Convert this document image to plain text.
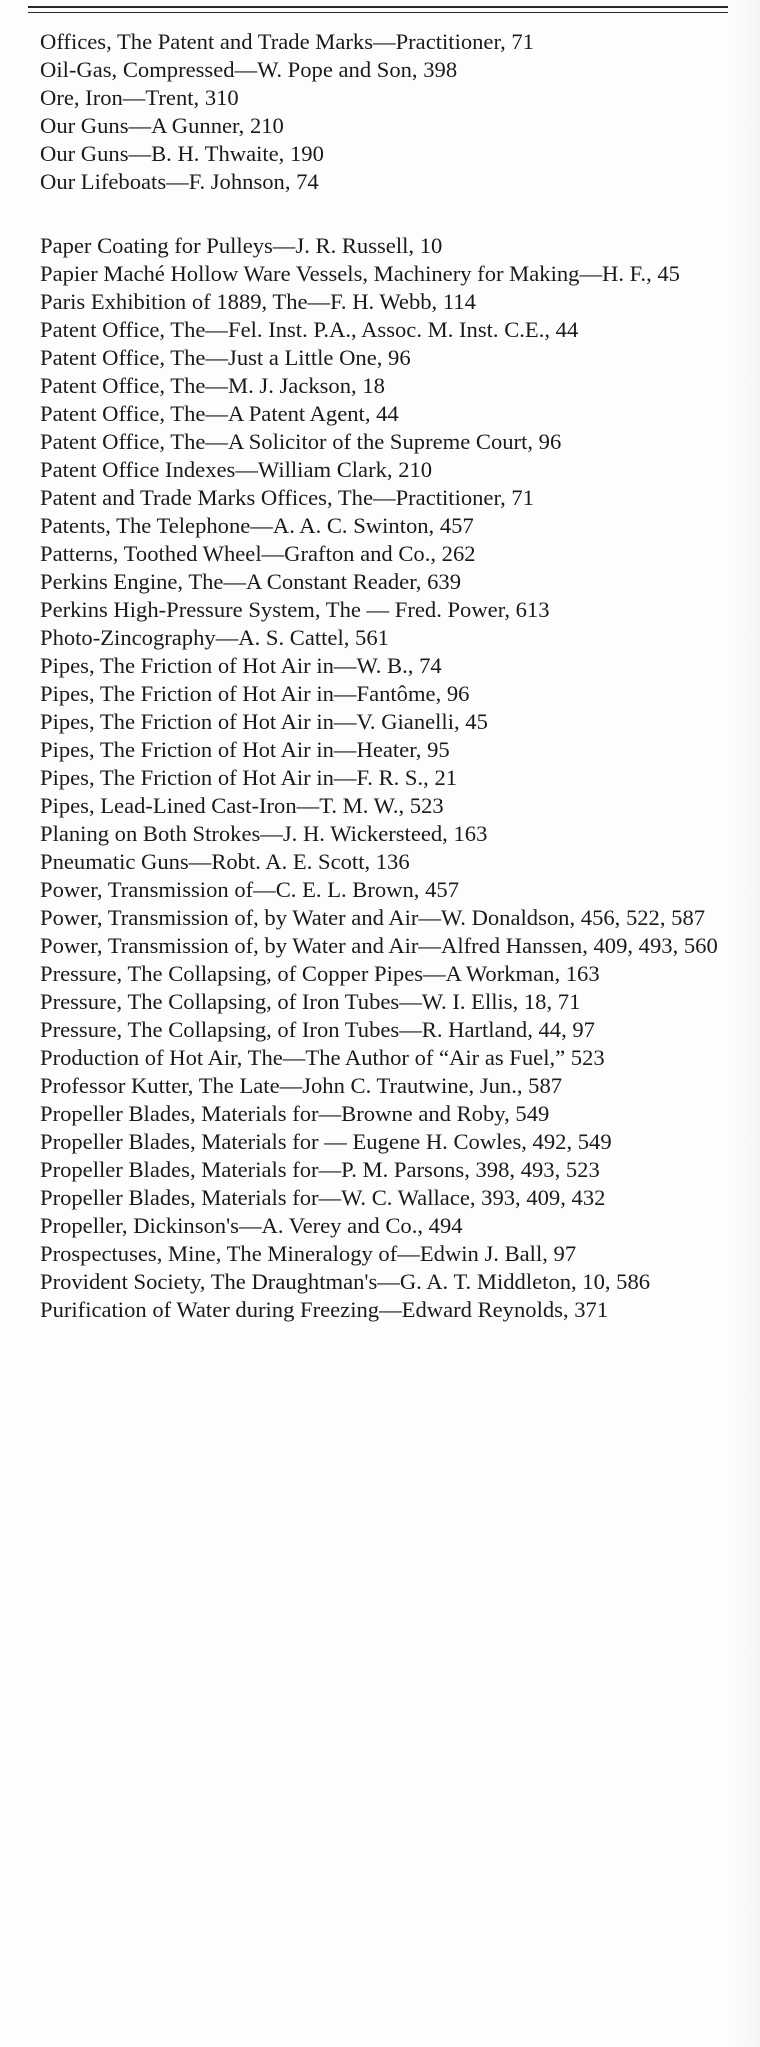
Offices, The Patent and Trade Marks—Practitioner, 71

Oil-Gas, Compressed—W. Pope and Son, 398

Ore, Iron—Trent, 310

Our Guns—A Gunner, 210

Our Guns—B. H. Thwaite, 190

Our Lifeboats—F. Johnson, 74

Paper Coating for Pulleys—J. R. Russell, 10

Papier Maché Hollow Ware Vessels, Machinery for Making—H. F., 45

Paris Exhibition of 1889, The—F. H. Webb, 114

Patent Office, The—Fel. Inst. P.A., Assoc. M. Inst. C.E., 44

Patent Office, The—Just a Little One, 96

Patent Office, The—M. J. Jackson, 18

Patent Office, The—A Patent Agent, 44

Patent Office, The—A Solicitor of the Supreme Court, 96

Patent Office Indexes—William Clark, 210

Patent and Trade Marks Offices, The—Practitioner, 71

Patents, The Telephone—A. A. C. Swinton, 457

Patterns, Toothed Wheel—Grafton and Co., 262

Perkins Engine, The—A Constant Reader, 639

Perkins High-Pressure System, The — Fred. Power, 613

Photo-Zincography—A. S. Cattel, 561

Pipes, The Friction of Hot Air in—W. B., 74

Pipes, The Friction of Hot Air in—Fantôme, 96

Pipes, The Friction of Hot Air in—V. Gianelli, 45

Pipes, The Friction of Hot Air in—Heater, 95

Pipes, The Friction of Hot Air in—F. R. S., 21

Pipes, Lead-Lined Cast-Iron—T. M. W., 523

Planing on Both Strokes—J. H. Wickersteed, 163

Pneumatic Guns—Robt. A. E. Scott, 136

Power, Transmission of—C. E. L. Brown, 457

Power, Transmission of, by Water and Air—W. Donaldson, 456, 522, 587

Power, Transmission of, by Water and Air—Alfred Hanssen, 409, 493, 560

Pressure, The Collapsing, of Copper Pipes—A Workman, 163

Pressure, The Collapsing, of Iron Tubes—W. I. Ellis, 18, 71

Pressure, The Collapsing, of Iron Tubes—R. Hartland, 44, 97

Production of Hot Air, The—The Author of “Air as Fuel,” 523

Professor Kutter, The Late—John C. Trautwine, Jun., 587

Propeller Blades, Materials for—Browne and Roby, 549

Propeller Blades, Materials for — Eugene H. Cowles, 492, 549

Propeller Blades, Materials for—P. M. Parsons, 398, 493, 523

Propeller Blades, Materials for—W. C. Wallace, 393, 409, 432

Propeller, Dickinson's—A. Verey and Co., 494

Prospectuses, Mine, The Mineralogy of—Edwin J. Ball, 97

Provident Society, The Draughtman's—G. A. T. Middleton, 10, 586

Purification of Water during Freezing—Edward Reynolds, 371
